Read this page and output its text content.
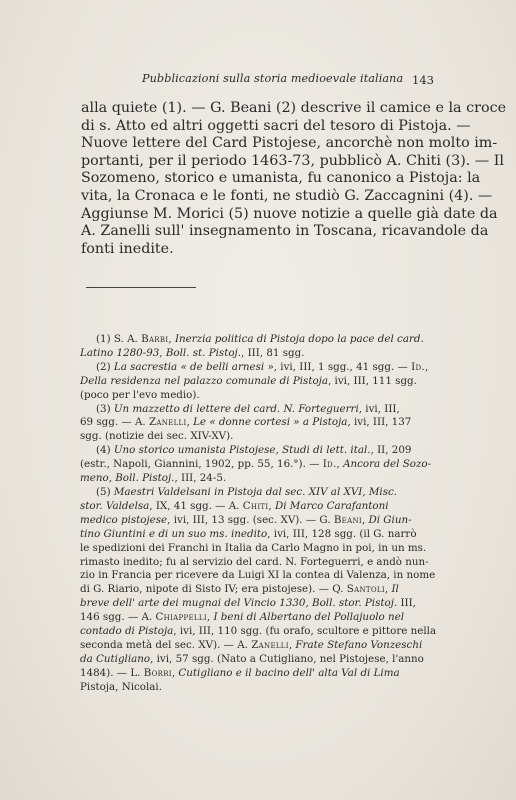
Pubblicazioni sulla storia medioevale italiana 143

alla quiete (1). — G. Beani (2) descrive il camice e la croce
di s. Atto ed altri oggetti sacri del tesoro di Pistoja. —
Nuove lettere del Card Pistojese, ancorchè non molto im-
portanti, per il periodo 1463-73, pubblicò A. Chiti (3). — Il
Sozomeno, storico e umanista, fu canonico a Pistoja: la
vita, la Cronaca e le fonti, ne studiò G. Zaccagnini (4). —
Aggiunse M. Morici (5) nuove notizie a quelle già date da
A. Zanelli sull' insegnamento in Toscana, ricavandole da
fonti inedite.

(1) S. A. Barbi, Inerzia politica di Pistoja dopo la pace del card.
Latino 1280-93, Boll. st. Pistoj., III, 81 sgg.
(2) La sacrestia « de belli arnesi », ivi, III, 1 sgg., 41 sgg. — Id.,
Della residenza nel palazzo comunale di Pistoja, ivi, III, 111 sgg.
(poco per l'evo medio).
(3) Un mazzetto di lettere del card. N. Forteguerri, ivi, III,
69 sgg. — A. Zanelli, Le « donne cortesi » a Pistoja, ivi, III, 137
sgg. (notizie dei sec. XIV-XV).
(4) Uno storico umanista Pistojese, Studi di lett. ital., II, 209
(estr., Napoli, Giannini, 1902, pp. 55, 16.°). — Id., Ancora del Sozo-
meno, Boll. Pistoj., III, 24-5.
(5) Maestri Valdelsani in Pistoja dal sec. XIV al XVI, Misc.
stor. Valdelsa, IX, 41 sgg. — A. Chiti, Di Marco Carafantoni
medico pistojese, ivi, III, 13 sgg. (sec. XV). — G. Beani, Di Giun-
tino Giuntini e di un suo ms. inedito, ivi, III, 128 sgg. (il G. narrò
le spedizioni dei Franchi in Italia da Carlo Magno in poi, in un ms.
rimasto inedito; fu al servizio del card. N. Forteguerri, e andò nun-
zio in Francia per ricevere da Luigi XI la contea di Valenza, in nome
di G. Riario, nipote di Sisto IV; era pistojese). — Q. Santoli, Il
breve dell' arte dei mugnai del Vincio 1330, Boll. stor. Pistoj. III,
146 sgg. — A. Chiappelli, I beni di Albertano del Pollajuolo nel
contado di Pistoja, ivi, III, 110 sgg. (fu orafo, scultore e pittore nella
seconda metà del sec. XV). — A. Zanelli, Frate Stefano Vonzeschi
da Cutigliano, ivi, 57 sgg. (Nato a Cutigliano, nel Pistojese, l'anno
1484). — L. Borri, Cutigliano e il bacino dell' alta Val di Lima
Pistoja, Nicolai.
